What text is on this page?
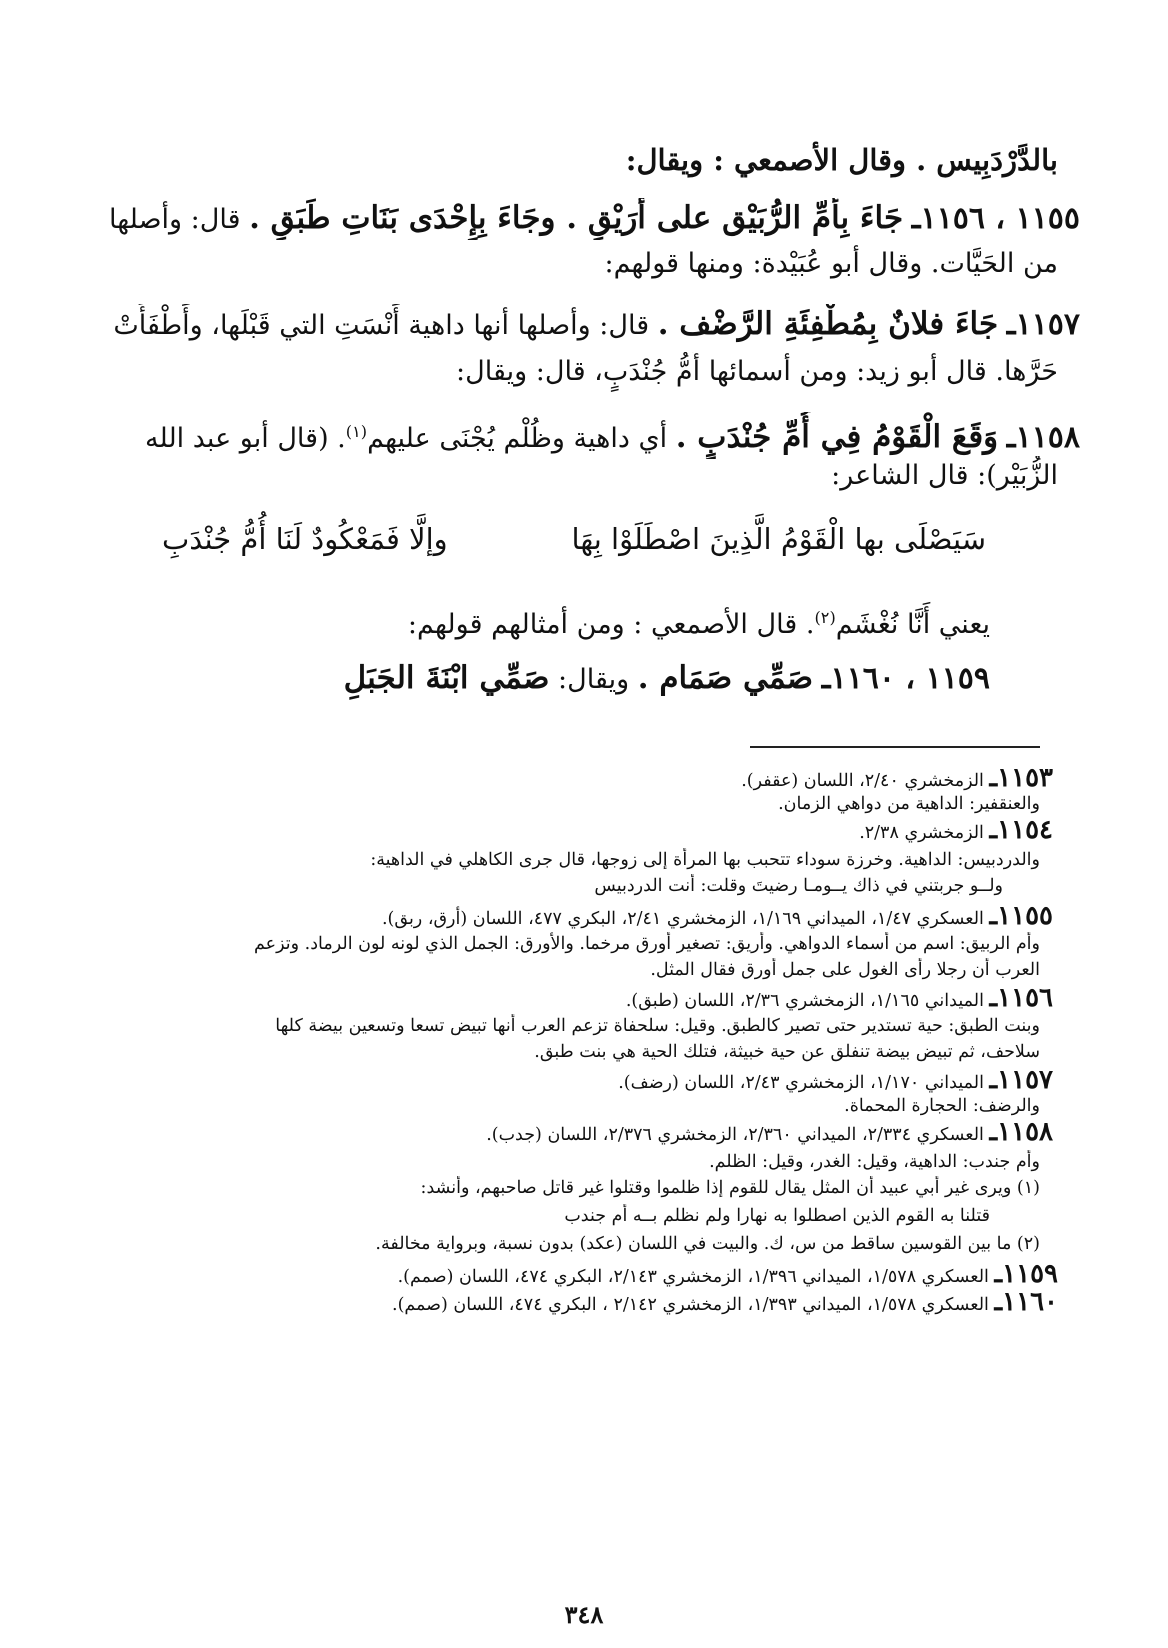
بالدَّرْدَبِيس . وقال الأصمعي : ويقال:
١١٥٥ ، ١١٥٦ـ جَاءَ بِأُمِّ الرُّبَيْق على أُرَيْقٍ . وجَاءَ بِإِحْدَى بَنَاتِ طَبَقٍ . قال: وأصلها
من الحَيَّات. وقال أبو عُبَيْدة: ومنها قولهم:
١١٥٧ـ جَاءَ فلانٌ بِمُطْفِئَةِ الرَّضْف . قال: وأصلها أنها داهية أَنْسَتِ التي قَبْلَها، وأَطْفَأَتْ
حَرَّها. قال أبو زيد: ومن أسمائها أُمُّ جُنْدَبٍ، قال: ويقال:
١١٥٨ـ وَقَعَ الْقَوْمُ فِي أُمِّ جُنْدَبٍ . أي داهية وظُلْم يُجْنَى عليهم$^{(١)}$. (قال أبو عبد الله
الزُّبَيْر): قال الشاعر:
سَيَصْلَى بها الْقَوْمُ الَّذِينَ اصْطَلَوْا بِهَا
وإلَّا فَمَعْكُودٌ لَنَا أُمُّ جُنْدَبِ
يعني أَنَّا نُغْشَم$^{(٢)}$. قال الأصمعي : ومن أمثالهم قولهم:
١١٥٩ ، ١١٦٠ـ صَمِّي صَمَام . ويقال: صَمِّي ابْنَةَ الجَبَلِ
١١٥٣ـ الزمخشري ٢/٤٠، اللسان (عقفر).
والعنقفير: الداهية من دواهي الزمان.
١١٥٤ـ الزمخشري ٢/٣٨.
والدردبيس: الداهية. وخرزة سوداء تتحبب بها المرأة إلى زوجها، قال جرى الكاهلي في الداهية:
ولــو جربتني في ذاك يــومـا رضيتَ وقلت: أنت الدردبيس
١١٥٥ـ العسكري ١/٤٧، الميداني ١/١٦٩، الزمخشري ٢/٤١، البكري ٤٧٧، اللسان (أرق، ربق).
وأم الربيق: اسم من أسماء الدواهي. وأريق: تصغير أورق مرخما. والأورق: الجمل الذي لونه لون الرماد. وتزعم
العرب أن رجلا رأى الغول على جمل أورق فقال المثل.
١١٥٦ـ الميداني ١/١٦٥، الزمخشري ٢/٣٦، اللسان (طبق).
وبنت الطبق: حية تستدير حتى تصير كالطبق. وقيل: سلحفاة تزعم العرب أنها تبيض تسعا وتسعين بيضة كلها
سلاحف، ثم تبيض بيضة تنفلق عن حية خبيثة، فتلك الحية هي بنت طبق.
١١٥٧ـ الميداني ١/١٧٠، الزمخشري ٢/٤٣، اللسان (رضف).
والرضف: الحجارة المحماة.
١١٥٨ـ العسكري ٢/٣٣٤، الميداني ٢/٣٦٠، الزمخشري ٢/٣٧٦، اللسان (جدب).
وأم جندب: الداهية، وقيل: الغدر، وقيل: الظلم.
(١) ويرى غير أبي عبيد أن المثل يقال للقوم إذا ظلموا وقتلوا غير قاتل صاحبهم، وأنشد:
قتلنا به القوم الذين اصطلوا به نهارا ولم نظلم بــه أم جندب
(٢) ما بين القوسين ساقط من س، ك. والبيت في اللسان (عكد) بدون نسبة، وبرواية مخالفة.
١١٥٩ـ العسكري ١/٥٧٨، الميداني ١/٣٩٦، الزمخشري ٢/١٤٣، البكري ٤٧٤، اللسان (صمم).
١١٦٠ـ العسكري ١/٥٧٨، الميداني ١/٣٩٣، الزمخشري ٢/١٤٢ ، البكري ٤٧٤، اللسان (صمم).
٣٤٨
